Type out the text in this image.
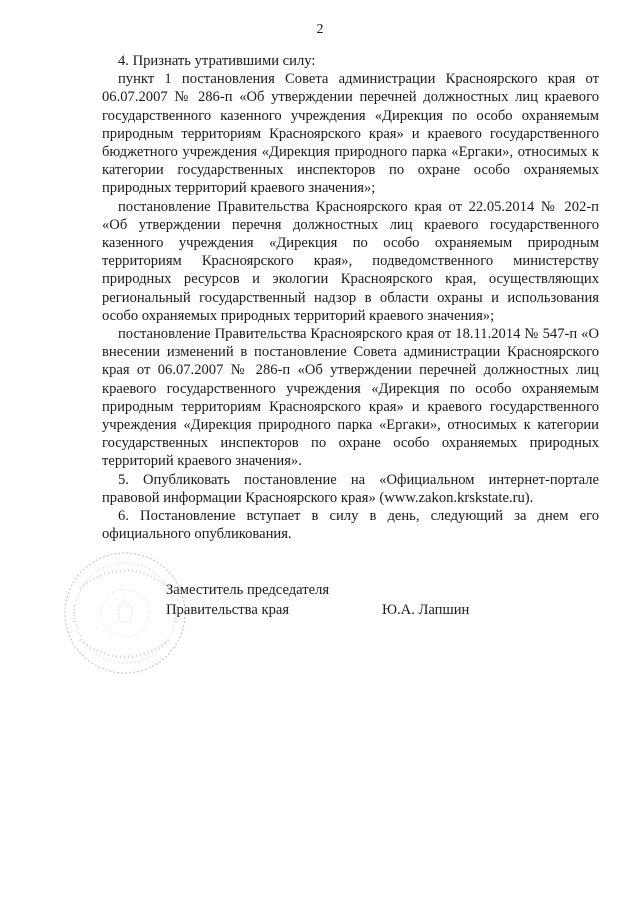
2

4. Признать утратившими силу:

пункт 1 постановления Совета администрации Красноярского края от 06.07.2007 № 286-п «Об утверждении перечней должностных лиц краевого государственного казенного учреждения «Дирекция по особо охраняемым природным территориям Красноярского края» и краевого государственного бюджетного учреждения «Дирекция природного парка «Ергаки», относимых к категории государственных инспекторов по охране особо охраняемых природных территорий краевого значения»;

постановление Правительства Красноярского края от 22.05.2014 № 202-п «Об утверждении перечня должностных лиц краевого государственного казенного учреждения «Дирекция по особо охраняемым природным территориям Красноярского края», подведомственного министерству природных ресурсов и экологии Красноярского края, осуществляющих региональный государственный надзор в области охраны и использования особо охраняемых природных территорий краевого значения»;

постановление Правительства Красноярского края от 18.11.2014 № 547-п «О внесении изменений в постановление Совета администрации Красноярского края от 06.07.2007 № 286-п «Об утверждении перечней должностных лиц краевого государственного учреждения «Дирекция по особо охраняемым природным территориям Красноярского края» и краевого государственного учреждения «Дирекция природного парка «Ергаки», относимых к категории государственных инспекторов по охране особо охраняемых природных территорий краевого значения».

5. Опубликовать постановление на «Официальном интернет-портале правовой информации Красноярского края» (www.zakon.krskstate.ru).

6. Постановление вступает в силу в день, следующий за днем его официального опубликования.

Заместитель председателя
Правительства края	Ю.А. Лапшин
